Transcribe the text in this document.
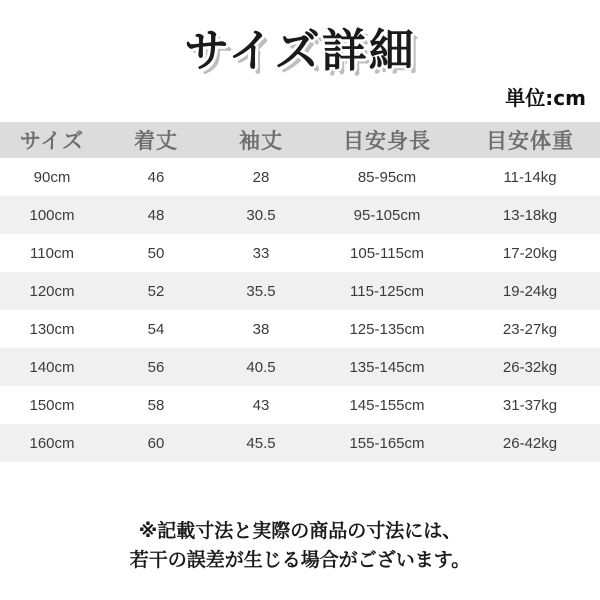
サイズ詳細
単位:cm
サイズ	着丈	袖丈	目安身長	目安体重
90cm	46	28	85-95cm	11-14kg
100cm	48	30.5	95-105cm	13-18kg
110cm	50	33	105-115cm	17-20kg
120cm	52	35.5	115-125cm	19-24kg
130cm	54	38	125-135cm	23-27kg
140cm	56	40.5	135-145cm	26-32kg
150cm	58	43	145-155cm	31-37kg
160cm	60	45.5	155-165cm	26-42kg
※記載寸法と実際の商品の寸法には、
若干の誤差が生じる場合がございます。
